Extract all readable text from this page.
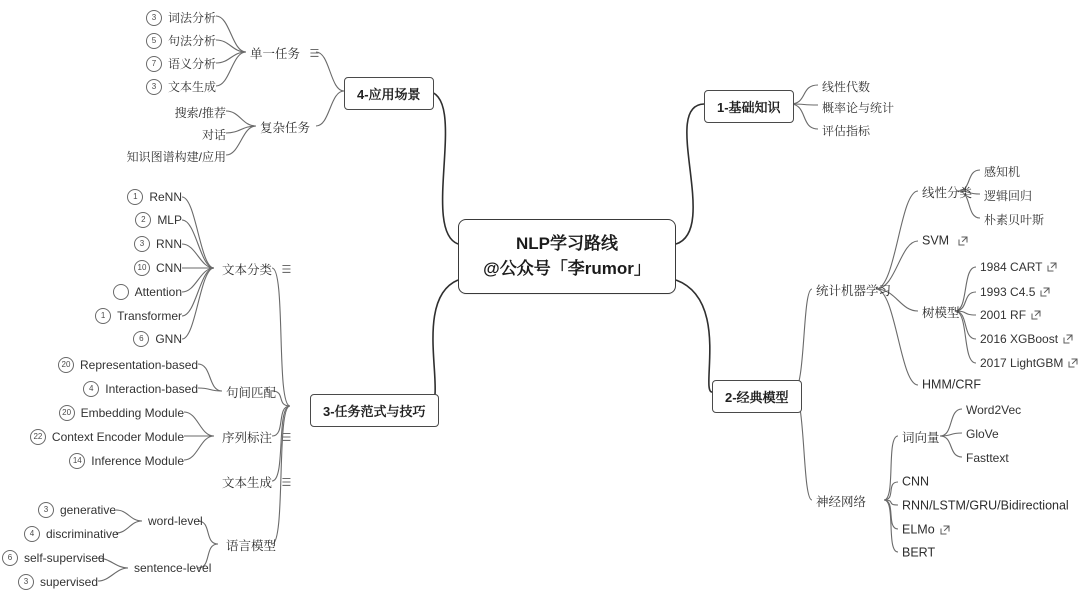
NLP学习路线
@公众号「李rumor」
1-基础知识
线性代数
概率论与统计
评估指标
2-经典模型
统计机器学习
线性分类
感知机
逻辑回归
朴素贝叶斯
SVM
树模型
1984 CART
1993 C4.5
2001 RF
2016 XGBoost
2017 LightGBM
HMM/CRF
神经网络
词向量
Word2Vec
GloVe
Fasttext
CNN
RNN/LSTM/GRU/Bidirectional
ELMo
BERT
3-任务范式与技巧
文本分类 ☰
1 ReNN
2 MLP
3 RNN
10 CNN
Attention
1 Transformer
6 GNN
句间匹配
20 Representation-based
4 Interaction-based
序列标注 ☰
20 Embedding Module
22 Context Encoder Module
14 Inference Module
文本生成 ☰
语言模型
word-level
3 generative
4 discriminative
sentence-level
6 self-supervised
3 supervised
4-应用场景
单一任务 ☰
3 词法分析
5 句法分析
7 语义分析
3 文本生成
复杂任务
搜索/推荐
对话
知识图谱构建/应用
